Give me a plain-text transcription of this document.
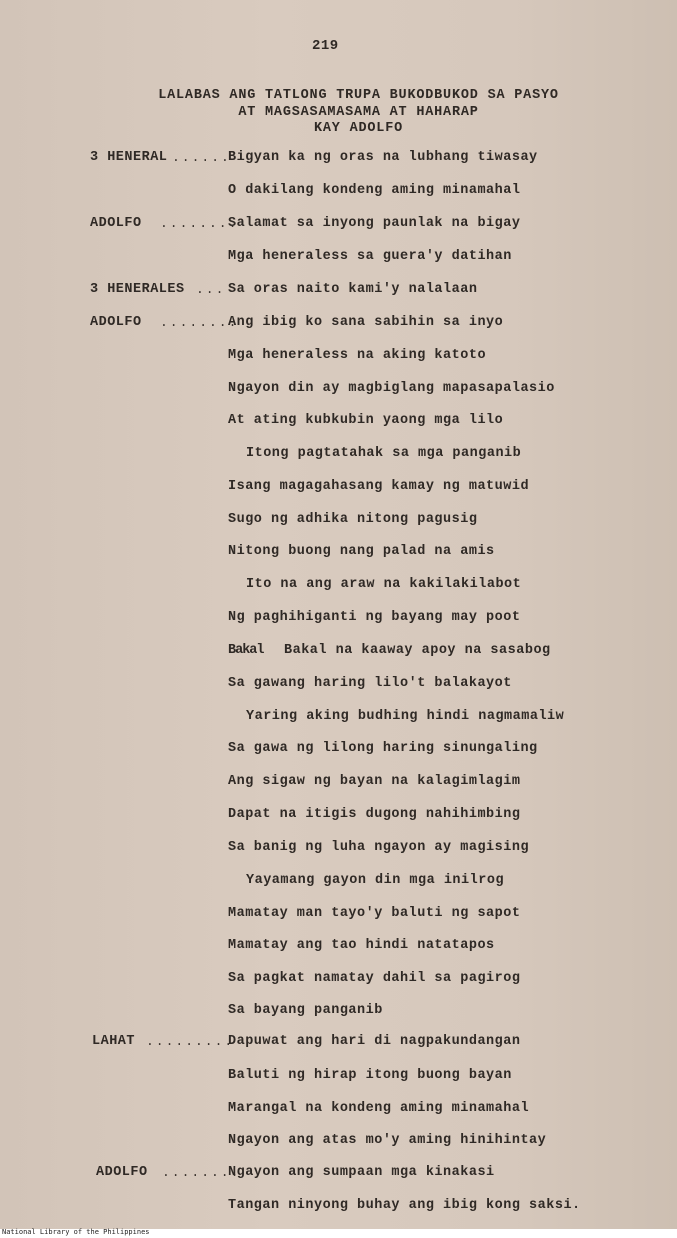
219
LALABAS ANG TATLONG TRUPA BUKODBUKOD SA PASYO
AT MAGSASAMASAMA AT HAHARAP
KAY ADOLFO
3 HENERAL ......
ADOLFO ........
3 HENERALES ...
ADOLFO ........
LAHAT .........
ADOLFO ........
Bigyan ka ng oras na lubhang tiwasay
O dakilang kondeng aming minamahal
Salamat sa inyong paunlak na bigay
Mga heneraless sa guera'y datihan
Sa oras naito kami'y nalalaan
Ang ibig ko sana sabihin sa inyo
Mga heneraless na aking katoto
Ngayon din ay magbiglang mapasapalasio
At ating kubkubin yaong mga lilo
Itong pagtatahak sa mga panganib
Isang magagahasang kamay ng matuwid
Sugo ng adhika nitong pagusig
Nitong buong nang palad na amis
Ito na ang araw na kakilakilabot
Ng paghihiganti ng bayang may poot
Bakal na kaaway apoy na sasabog
Sa gawang haring lilo't balakayot
Yaring aking budhing hindi nagmamaliw
Sa gawa ng lilong haring sinungaling
Ang sigaw ng bayan na kalagimlagim
Dapat na itigis dugong nahihimbing
Sa banig ng luha ngayon ay magising
Yayamang gayon din mga inilrog
Mamatay man tayo'y baluti ng sapot
Mamatay ang tao hindi natatapos
Sa pagkat namatay dahil sa pagirog
Sa bayang panganib
Dapuwat ang hari di nagpakundangan
Baluti ng hirap itong buong bayan
Marangal na kondeng aming minamahal
Ngayon ang atas mo'y aming hinihintay
Ngayon ang sumpaan mga kinakasi
Tangan ninyong buhay ang ibig kong saksi.
Bakal
National Library of the Philippines
